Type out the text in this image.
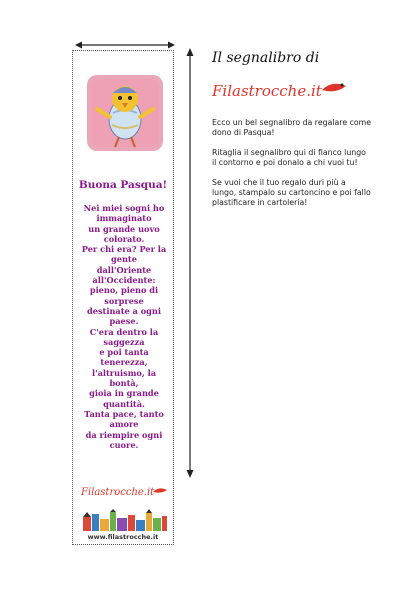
Buona Pasqua!
Nei miei sogni ho
immaginato
un grande uovo
colorato.
Per chi era? Per la
gente
dall'Oriente
all'Occidente:
pieno, pieno di
sorprese
destinate a ogni
paese.
C'era dentro la
saggezza
e poi tanta
tenerezza,
l'altruismo, la
bontà,
gioia in grande
quantità.
Tanta pace, tanto
amore
da riempire ogni
cuore.
Filastrocche.it
www.filastrocche.it
Il segnalibro di
Filastrocche.it

Ecco un bel segnalibro da regalare come dono di Pasqua!

Ritaglia il segnalibro qui di fianco lungo il contorno e poi donalo a chi vuoi tu!

Se vuoi che il tuo regalo duri più a lungo, stampalo su cartoncino e poi fallo plastificare in cartoleria!
